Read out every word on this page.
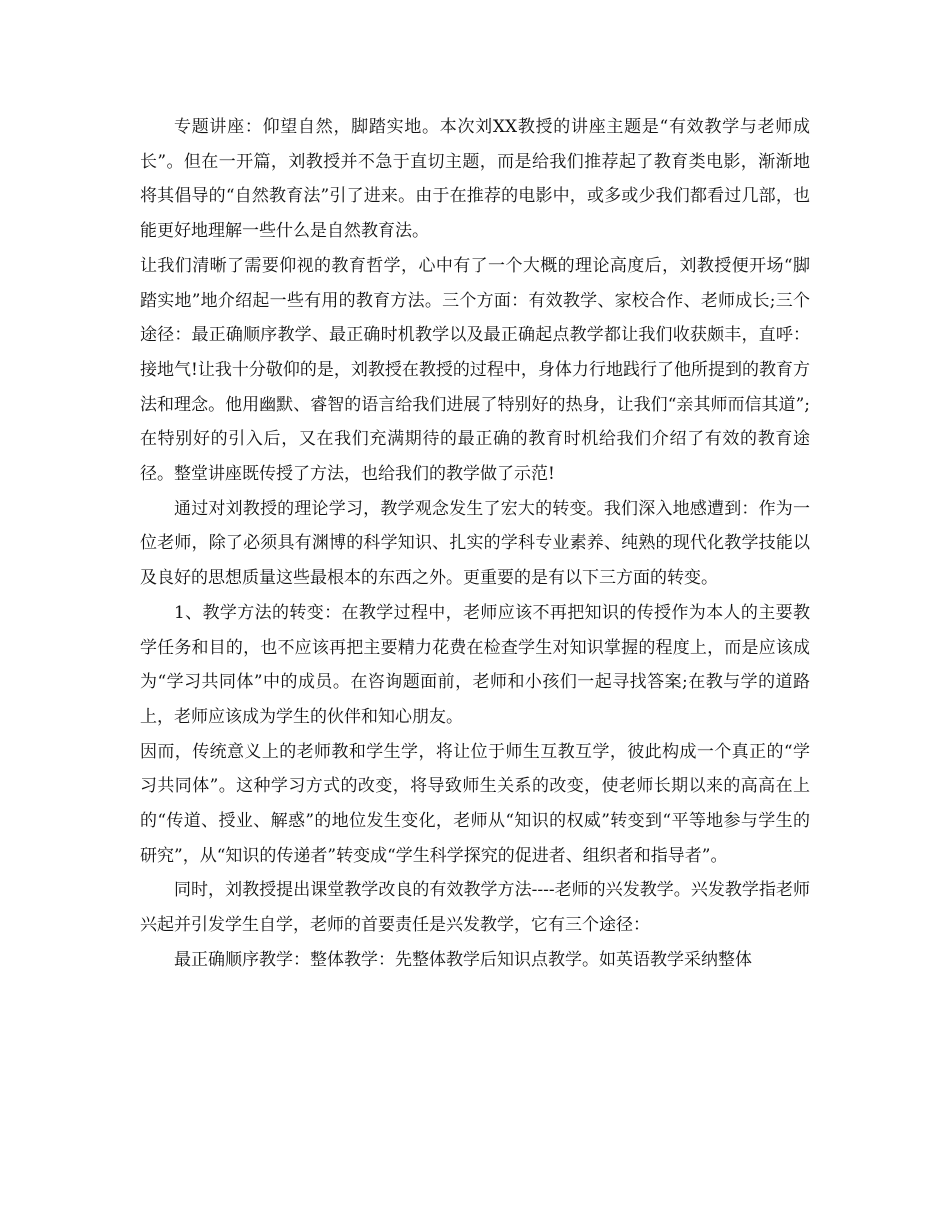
专题讲座：仰望自然，脚踏实地。本次刘XX教授的讲座主题是“有效教学与老师成长”。但在一开篇，刘教授并不急于直切主题，而是给我们推荐起了教育类电影，渐渐地将其倡导的“自然教育法”引了进来。由于在推荐的电影中，或多或少我们都看过几部，也能更好地理解一些什么是自然教育法。

让我们清晰了需要仰视的教育哲学，心中有了一个大概的理论高度后，刘教授便开场“脚踏实地”地介绍起一些有用的教育方法。三个方面：有效教学、家校合作、老师成长;三个途径：最正确顺序教学、最正确时机教学以及最正确起点教学都让我们收获颇丰，直呼：接地气!让我十分敬仰的是，刘教授在教授的过程中，身体力行地践行了他所提到的教育方法和理念。他用幽默、睿智的语言给我们进展了特别好的热身，让我们“亲其师而信其道”;在特别好的引入后，又在我们充满期待的最正确的教育时机给我们介绍了有效的教育途径。整堂讲座既传授了方法，也给我们的教学做了示范!

通过对刘教授的理论学习，教学观念发生了宏大的转变。我们深入地感遭到：作为一位老师，除了必须具有渊博的科学知识、扎实的学科专业素养、纯熟的现代化教学技能以及良好的思想质量这些最根本的东西之外。更重要的是有以下三方面的转变。

1、教学方法的转变：在教学过程中，老师应该不再把知识的传授作为本人的主要教学任务和目的，也不应该再把主要精力花费在检查学生对知识掌握的程度上，而是应该成为“学习共同体”中的成员。在咨询题面前，老师和小孩们一起寻找答案;在教与学的道路上，老师应该成为学生的伙伴和知心朋友。

因而，传统意义上的老师教和学生学，将让位于师生互教互学，彼此构成一个真正的“学习共同体”。这种学习方式的改变，将导致师生关系的改变，使老师长期以来的高高在上的“传道、授业、解惑”的地位发生变化，老师从“知识的权威”转变到“平等地参与学生的研究”，从“知识的传递者”转变成“学生科学探究的促进者、组织者和指导者”。

同时，刘教授提出课堂教学改良的有效教学方法----老师的兴发教学。兴发教学指老师兴起并引发学生自学，老师的首要责任是兴发教学，它有三个途径：

最正确顺序教学：整体教学：先整体教学后知识点教学。如英语教学采纳整体
